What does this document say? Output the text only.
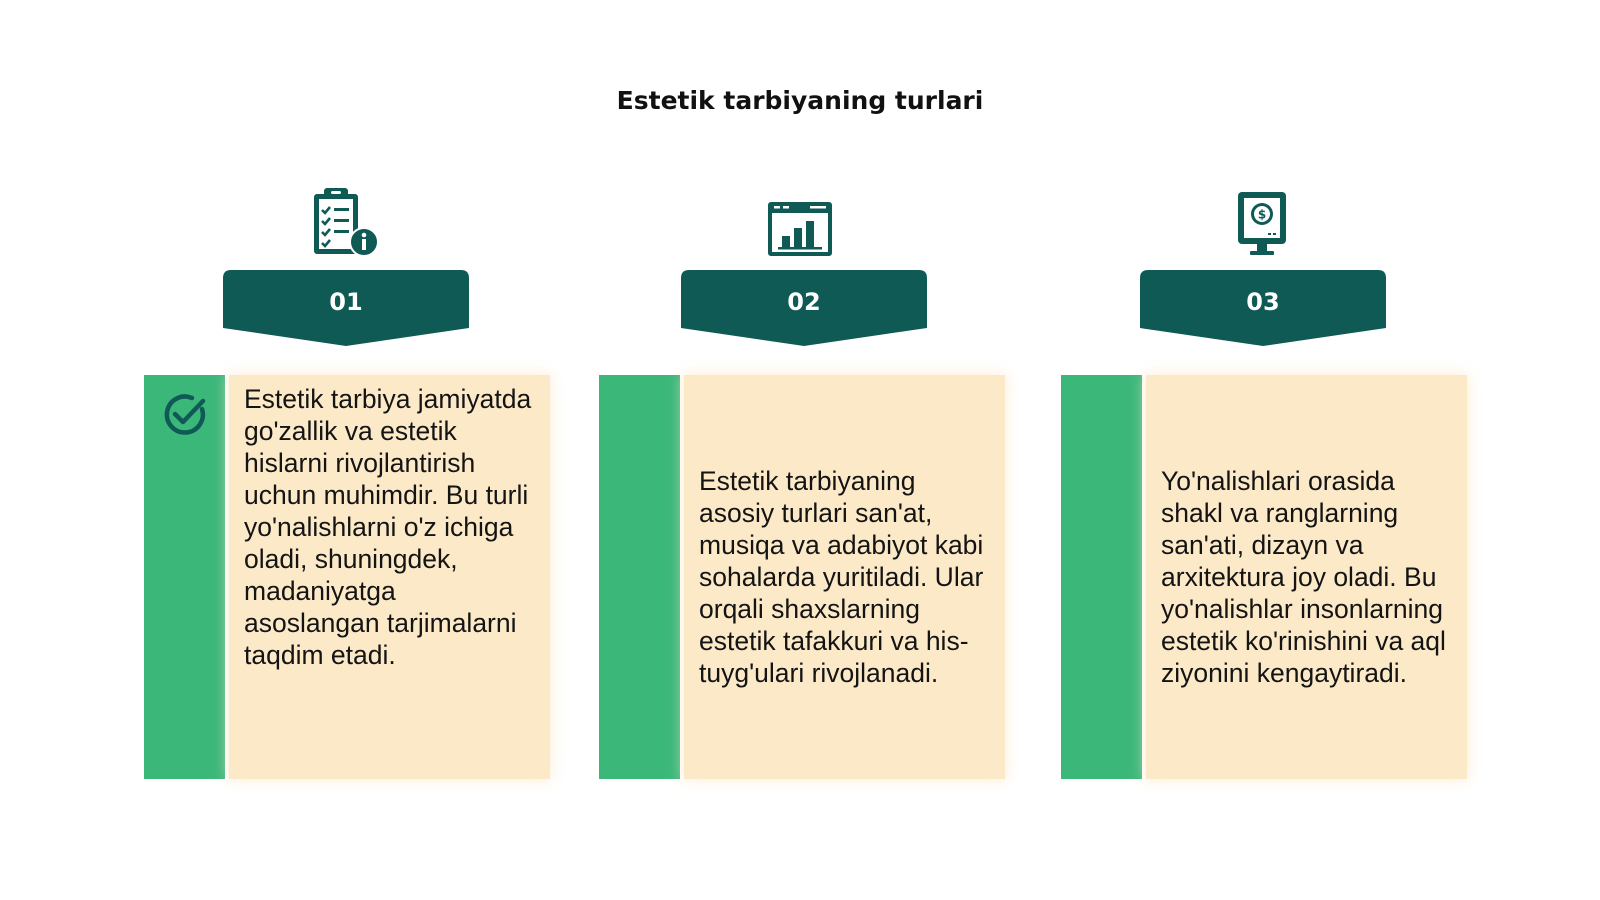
Estetik tarbiyaning turlari
01
Estetik tarbiya jamiyatda go'zallik va estetik hislarni rivojlantirish uchun muhimdir. Bu turli yo'nalishlarni o'z ichiga oladi, shuningdek, madaniyatga asoslangan tarjimalarni taqdim etadi.
02
Estetik tarbiyaning asosiy turlari san'at, musiqa va adabiyot kabi sohalarda yuritiladi. Ular orqali shaxslarning estetik tafakkuri va his-tuyg'ulari rivojlanadi.
$
03
Yo'nalishlari orasida shakl va ranglarning san'ati, dizayn va arxitektura joy oladi. Bu yo'nalishlar insonlarning estetik ko'rinishini va aql ziyonini kengaytiradi.
